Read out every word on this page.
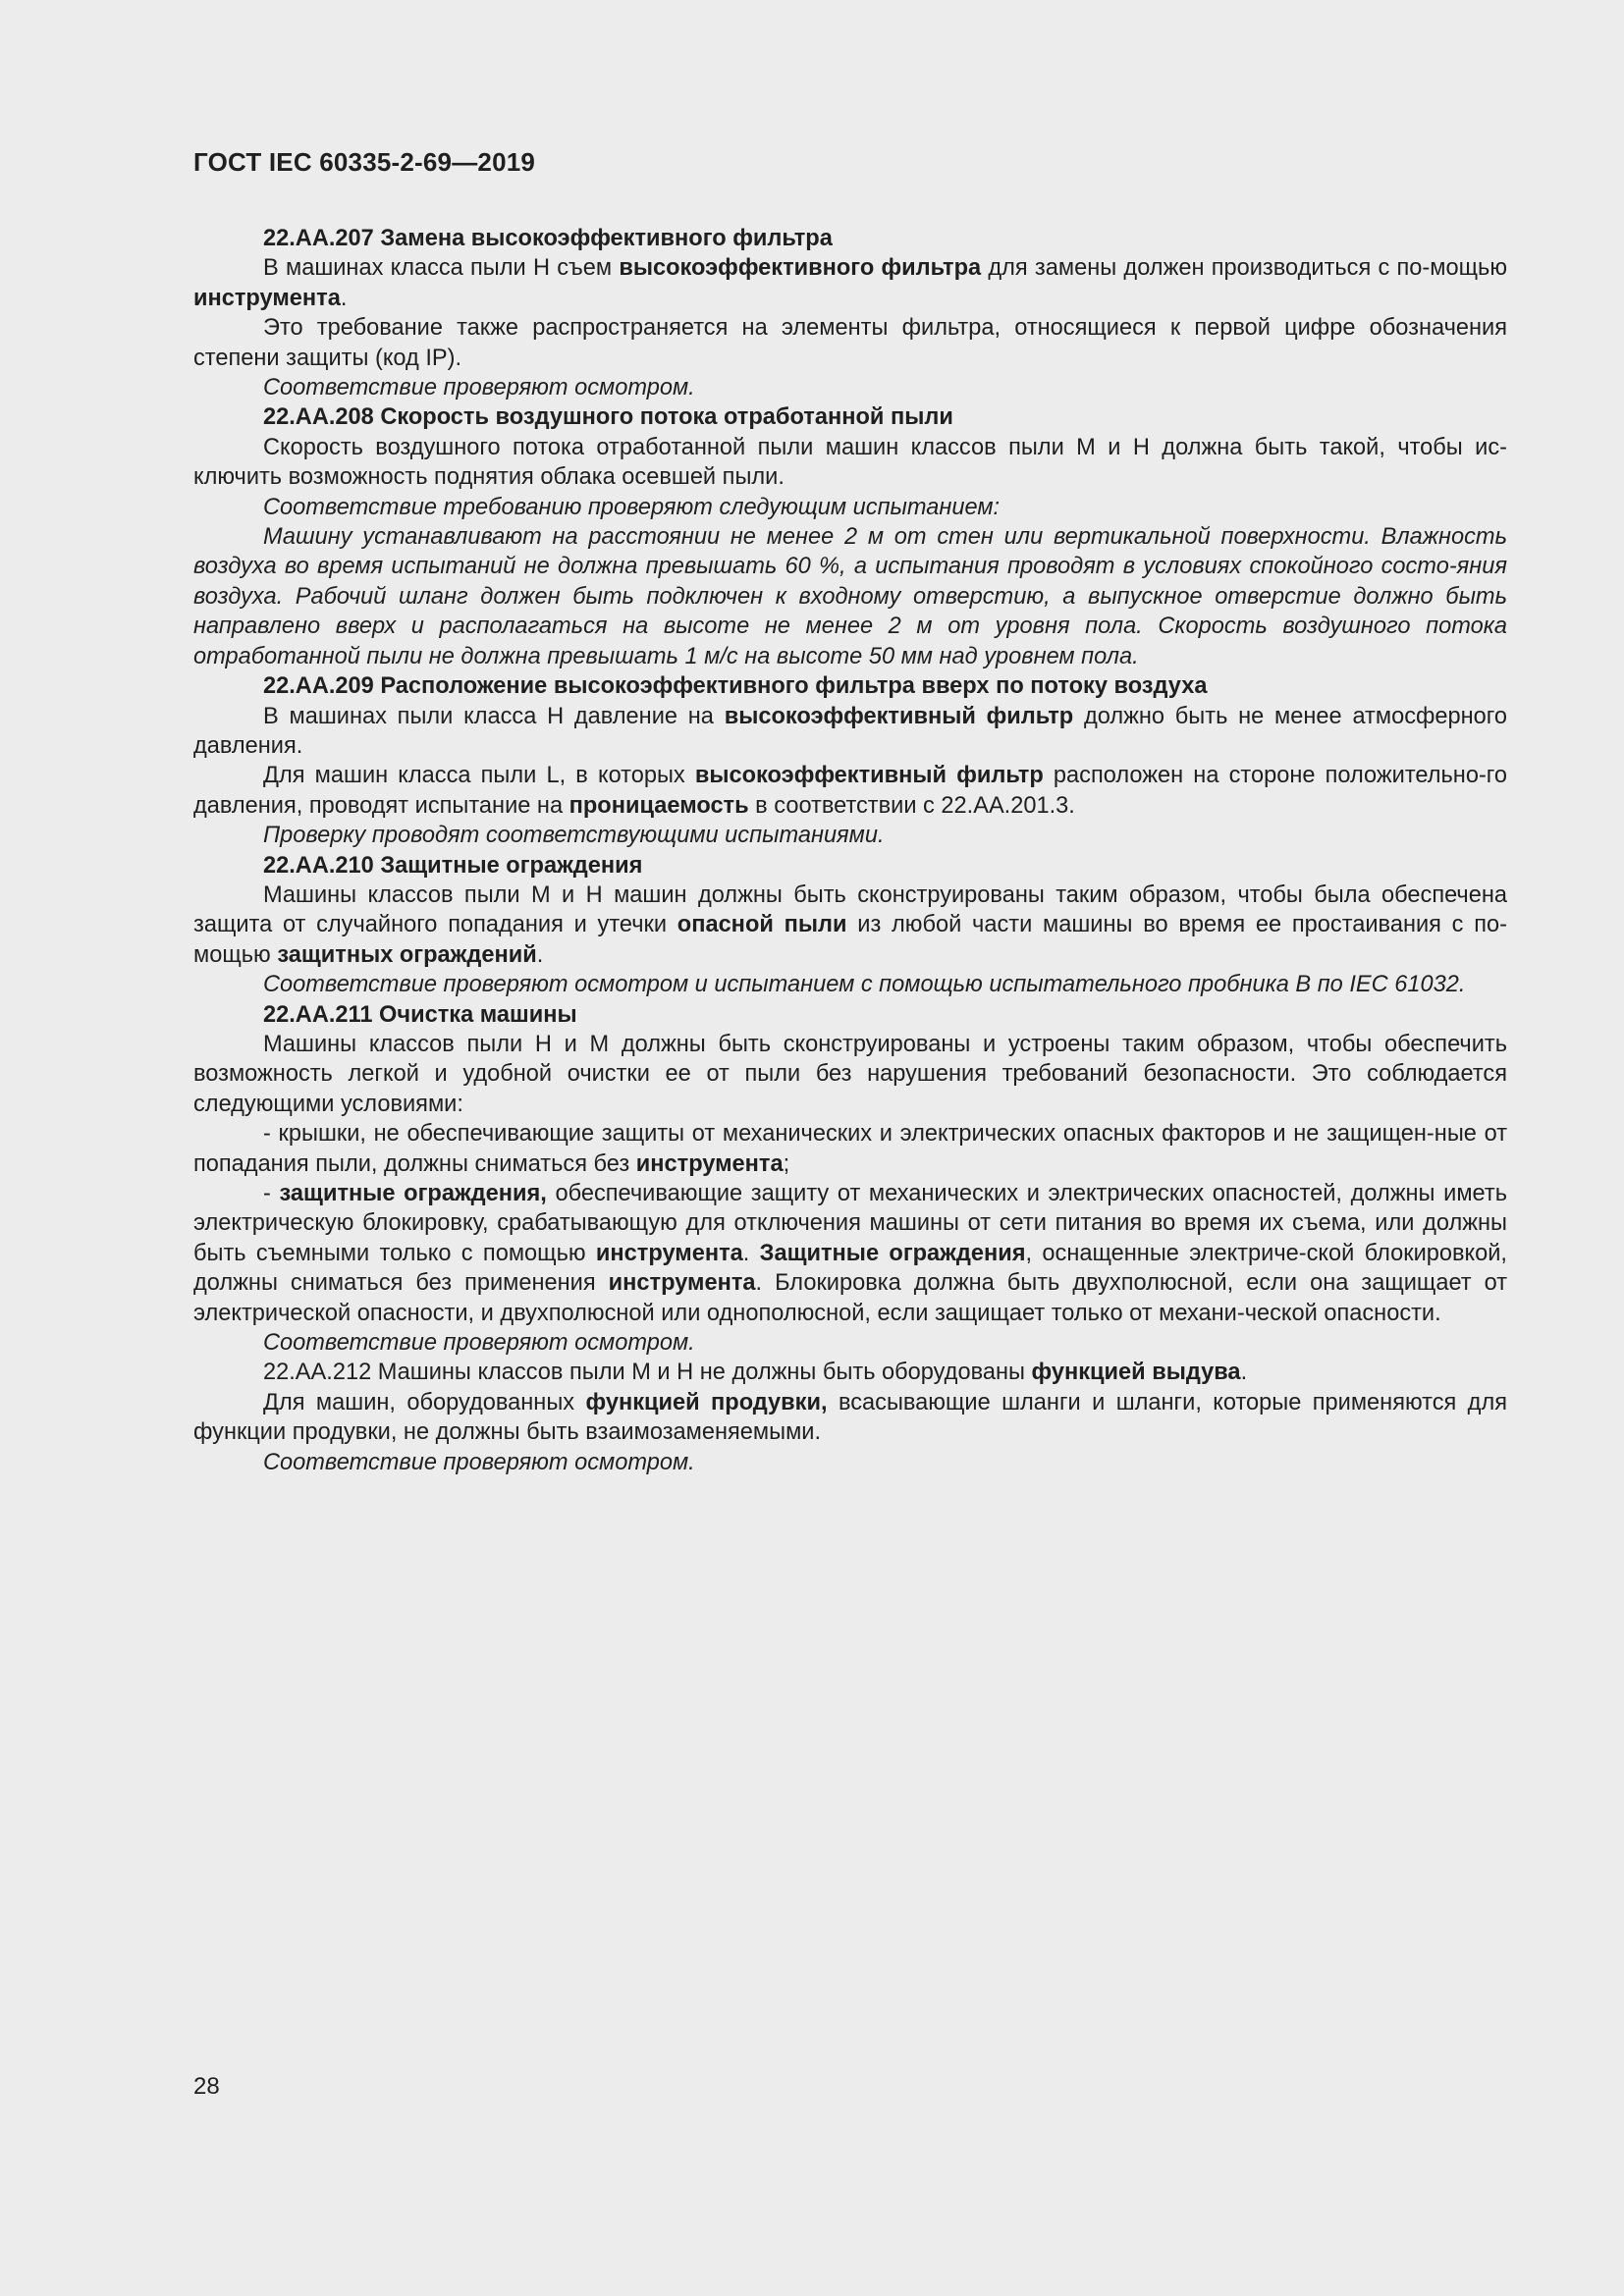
ГОСТ IEC 60335-2-69—2019

22.АА.207 Замена высокоэффективного фильтра

В машинах класса пыли Н съем высокоэффективного фильтра для замены должен производиться с по-мощью инструмента.

Это требование также распространяется на элементы фильтра, относящиеся к первой цифре обозначения степени защиты (код IP).

Соответствие проверяют осмотром.

22.АА.208 Скорость воздушного потока отработанной пыли

Скорость воздушного потока отработанной пыли машин классов пыли М и Н должна быть такой, чтобы ис-ключить возможность поднятия облака осевшей пыли.

Соответствие требованию проверяют следующим испытанием:

Машину устанавливают на расстоянии не менее 2 м от стен или вертикальной поверхности. Влажность воздуха во время испытаний не должна превышать 60 %, а испытания проводят в условиях спокойного состо-яния воздуха. Рабочий шланг должен быть подключен к входному отверстию, а выпускное отверстие должно быть направлено вверх и располагаться на высоте не менее 2 м от уровня пола. Скорость воздушного потока отработанной пыли не должна превышать 1 м/с на высоте 50 мм над уровнем пола.

22.АА.209 Расположение высокоэффективного фильтра вверх по потоку воздуха

В машинах пыли класса Н давление на высокоэффективный фильтр должно быть не менее атмосферного давления.

Для машин класса пыли L, в которых высокоэффективный фильтр расположен на стороне положительно-го давления, проводят испытание на проницаемость в соответствии с 22.АА.201.3.

Проверку проводят соответствующими испытаниями.

22.АА.210 Защитные ограждения

Машины классов пыли М и Н машин должны быть сконструированы таким образом, чтобы была обеспечена защита от случайного попадания и утечки опасной пыли из любой части машины во время ее простаивания с по-мощью защитных ограждений.

Соответствие проверяют осмотром и испытанием с помощью испытательного пробника B по IEC 61032.

22.АА.211 Очистка машины

Машины классов пыли Н и М должны быть сконструированы и устроены таким образом, чтобы обеспечить возможность легкой и удобной очистки ее от пыли без нарушения требований безопасности. Это соблюдается следующими условиями:

- крышки, не обеспечивающие защиты от механических и электрических опасных факторов и не защищен-ные от попадания пыли, должны сниматься без инструмента;

- защитные ограждения, обеспечивающие защиту от механических и электрических опасностей, должны иметь электрическую блокировку, срабатывающую для отключения машины от сети питания во время их съема, или должны быть съемными только с помощью инструмента. Защитные ограждения, оснащенные электриче-ской блокировкой, должны сниматься без применения инструмента. Блокировка должна быть двухполюсной, если она защищает от электрической опасности, и двухполюсной или однополюсной, если защищает только от механи-ческой опасности.

Соответствие проверяют осмотром.

22.АА.212 Машины классов пыли М и Н не должны быть оборудованы функцией выдува.

Для машин, оборудованных функцией продувки, всасывающие шланги и шланги, которые применяются для функции продувки, не должны быть взаимозаменяемыми.

Соответствие проверяют осмотром.

28
